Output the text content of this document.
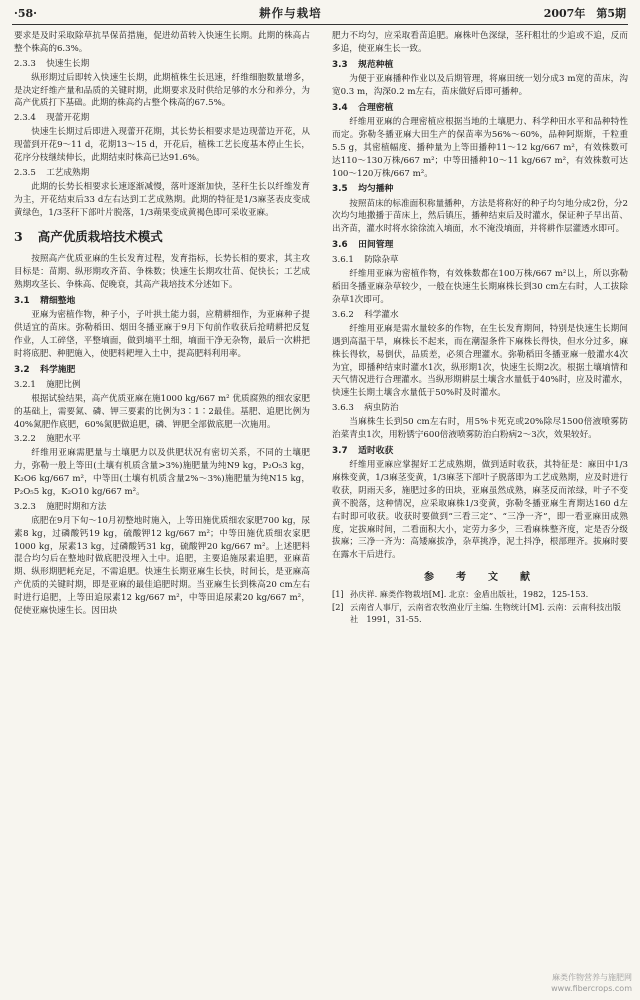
·58·	耕作与栽培	2007年　第5期

要求是及时采取除草抗旱保苗措施，促进幼苗转入快速生长期。此期的株高占整个株高的6.3%。

2.3.3 快速生长期

纵形期过后即转入快速生长期，此期植株生长迅速，纤维细胞数量增多，是决定纤维产量和品质的关键时期，此期要求及时供给足够的水分和养分，为高产优质打下基础。此期的株高约占整个株高的67.5%。

2.3.4 现蕾开花期

快速生长期过后即进入现蕾开花期，其长势长相要求是边现蕾边开花，从现蕾到开花9～11 d，花期13～15 d，开花后，植株工艺长度基本停止生长，花序分枝继续伸长，此期结束时株高已达91.6%。

2.3.5 工艺成熟期

此期的长势长相要求长速逐渐减慢，落叶逐渐加快，茎秆生长以纤维发育为主，开花结束后33 d左右达到工艺成熟期。此期的特征是1/3麻茎表皮变成黄绿色，1/3茎秆下部叶片脱落，1/3蒴果变成黄褐色即可采收亚麻。

3 高产优质栽培技术模式

按照高产优质亚麻的生长发育过程，发育指标，长势长相的要求，其主攻目标是：苗期、纵形期攻齐苗、争株数；快速生长期攻壮苗、促快长；工艺成熟期攻茎长、争株高、促晚衰，其高产栽培技术分述如下。

3.1 精细整地

亚麻为密植作物，种子小，子叶拱土能力弱，应精耕细作，为亚麻种子提供适宜的苗床。弥勒稻田、烟田冬播亚麻于9月下旬前作收获后抢晴耕把反复作业，人工碎垡，平整墒面，做到墒平土细，墒面干净无杂物，最后一次耕把时将底肥、种肥施入，使肥料耙埋入土中，提高肥料利用率。

3.2 科学施肥
3.2.1 施肥比例

根据试验结果，高产优质亚麻在施1000 kg/667 m² 优质腐熟的细农家肥的基础上，需要氮、磷、钾三要素的比例为3∶1∶2最佳。基肥、追肥比例为40%氮肥作底肥，60%氮肥做追肥，磷、钾肥全部做底肥一次施用。

3.2.2 施肥水平

纤维用亚麻需肥量与土壤肥力以及供肥状况有密切关系，不同的土壤肥力，弥勒一般上等田(土壤有机质含量>3%)施肥量为纯N9 kg，P₂O₅3 kg，K₂O6 kg/667 m²，中等田(土壤有机质含量2%～3%)施肥量为纯N15 kg，P₂O₅5 kg，K₂O10 kg/667 m²。

3.2.3 施肥时期和方法

底肥在9月下旬～10月初整地时施入，上等田施优质细农家肥700 kg，尿素8 kg，过磷酸钙19 kg，硫酸钾12 kg/667 m²；中等田施优质细农家肥1000 kg，尿素13 kg，过磷酸钙31 kg，硫酸钾20 kg/667 m²。上述肥料混合均匀后在整地时做底肥没埋入土中。追肥，主要追施尿素追肥，亚麻苗期、纵形期肥耗充足，不需追肥。快速生长期亚麻生长快，时间长，是亚麻高产优质的关键时期，即是亚麻的最佳追肥时期。当亚麻生长到株高20 cm左右时进行追肥，上等田追尿素12 kg/667 m²，中等田追尿素20 kg/667 m²，促使亚麻快速生长。因田块

肥力不均匀，应采取看苗追肥。麻株叶色深绿，茎秆粗壮的少追或不追，反而多追，使亚麻生长一致。

3.3 规范种植

为便于亚麻播种作业以及后期管理，将麻田统一划分成3 m宽的苗床，沟宽0.3 m，沟深0.2 m左右，苗床做好后即可播种。

3.4 合理密植

纤维用亚麻的合理密植应根据当地的土壤肥力、科学种田水平和品种特性而定。弥勒冬播亚麻大田生产的保苗率为56%～60%，品种阿斯斯，千粒重5.5 g，其密植幅度、播种量为上等田播种11～12 kg/667 m²，有效株数可达110～130万株/667 m²；中等田播种10～11 kg/667 m²，有效株数可达100～120万株/667 m²。

3.5 均匀播种

按照苗床的标准面积称量播种，方法是将称好的种子均匀地分成2份，分2次均匀地撒播于苗床上，然后镇压，播种结束后及时灌水，保证种子早出苗、出齐苗，灌水时将水徐徐流入墒面，水不淹没墒面，并将耕作层灌透水即可。

3.6 田间管理
3.6.1 防除杂草

纤维用亚麻为密植作物，有效株数都在100万株/667 m²以上，所以弥勒稻田冬播亚麻杂草较少，一般在快速生长期麻株长到30 cm左右时，人工拔除杂草1次即可。

3.6.2 科学灌水

纤维用亚麻是需水量较多的作物，在生长发育期间，特别是快速生长期间遇到高温干旱，麻株长不起来，而在潮湿条件下麻株长得快，但水分过多，麻株长得软，易倒伏，品质差，必须合理灌水。弥勒稻田冬播亚麻一般灌水4次为宜，即播种结束时灌水1次，纵形期1次，快速生长期2次。根据土壤墒情和天气情况进行合理灌水。当纵形期耕层土壤含水量低于40%时，应及时灌水，快速生长期土壤含水量低于50%时及时灌水。

3.6.3 病虫防治

当麻株生长到50 cm左右时，用5%卡死克或20%除尽1500倍液喷雾防治菜青虫1次，用粉锈宁600倍液喷雾防治白粉病2～3次，效果较好。

3.7 适时收获

纤维用亚麻应掌握好工艺成熟期，做到适时收获，其特征是：麻田中1/3麻株变黄，1/3麻茎变黄，1/3麻茎下部叶子脱落即为工艺成熟期，应及时进行收获，阴雨天多，施肥过多的田块，亚麻虽然成熟，麻茎反而浓绿，叶子不变黄不脱落，这种情况，应采取麻株1/3变黄，弥勒冬播亚麻生育期达160 d左右时即可收获。收获时要做到“三看三定”、“三净一齐”，即一看亚麻田成熟度，定拔麻时间，二看面积大小，定劳力多少，三看麻株整齐度，定是否分级拔麻；三净一齐为：高矮麻拔净，杂草挑净，泥土抖净，根部理齐。拔麻时要在露水干后进行。

参　考　文　献
[1] 孙庆祥. 麻类作物栽培[M]. 北京：金盾出版社，1982，125-153.
[2] 云南省人事厅，云南省农牧渔业厅主编. 生物统计[M]. 云南：云南科技出版社　1991，31-55.
麻类作物营养与施肥网
www.fibercrops.com
